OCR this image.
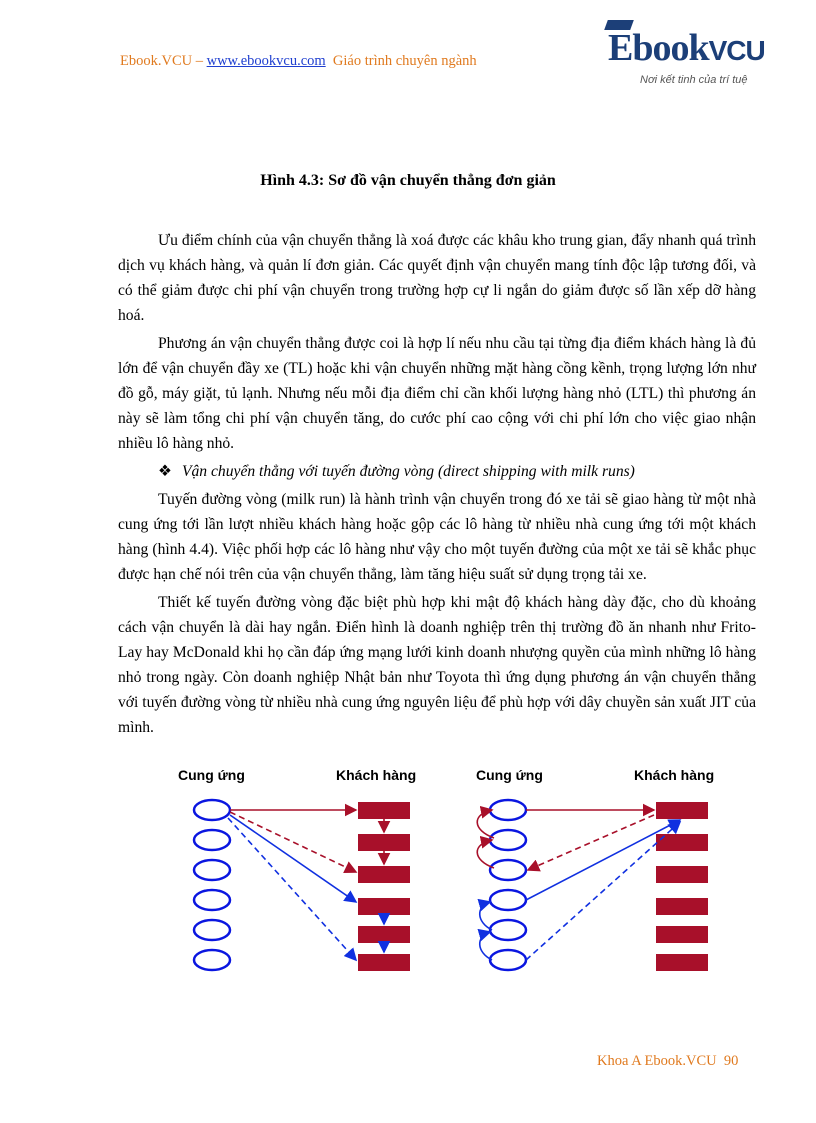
Ebook.VCU – www.ebookvcu.com Giáo trình chuyên ngành	EbookVCU
Nơi kết tinh của trí tuệ
Hình 4.3: Sơ đồ vận chuyển thẳng đơn giản

Ưu điểm chính của vận chuyển thẳng là xoá được các khâu kho trung gian, đẩy nhanh quá trình dịch vụ khách hàng, và quản lí đơn giản. Các quyết định vận chuyển mang tính độc lập tương đối, và có thể giảm được chi phí vận chuyển trong trường hợp cự li ngắn do giảm được số lần xếp dỡ hàng hoá.

Phương án vận chuyển thẳng được coi là hợp lí nếu nhu cầu tại từng địa điểm khách hàng là đủ lớn để vận chuyển đầy xe (TL) hoặc khi vận chuyển những mặt hàng cồng kềnh, trọng lượng lớn như đồ gỗ, máy giặt, tủ lạnh. Nhưng nếu mỗi địa điểm chỉ cần khối lượng hàng nhỏ (LTL) thì phương án này sẽ làm tổng chi phí vận chuyển tăng, do cước phí cao cộng với chi phí lớn cho việc giao nhận nhiều lô hàng nhỏ.

❖ Vận chuyển thẳng với tuyến đường vòng (direct shipping with milk runs)

Tuyến đường vòng (milk run) là hành trình vận chuyển trong đó xe tải sẽ giao hàng từ một nhà cung ứng tới lần lượt nhiều khách hàng hoặc gộp các lô hàng từ nhiều nhà cung ứng tới một khách hàng (hình 4.4). Việc phối hợp các lô hàng như vậy cho một tuyến đường của một xe tải sẽ khắc phục được hạn chế nói trên của vận chuyển thẳng, làm tăng hiệu suất sử dụng trọng tải xe.

Thiết kế tuyến đường vòng đặc biệt phù hợp khi mật độ khách hàng dày đặc, cho dù khoảng cách vận chuyển là dài hay ngắn. Điển hình là doanh nghiệp trên thị trường đồ ăn nhanh như Frito-Lay hay McDonald khi họ cần đáp ứng mạng lưới kinh doanh nhượng quyền của mình những lô hàng nhỏ trong ngày. Còn doanh nghiệp Nhật bản như Toyota thì ứng dụng phương án vận chuyển thẳng với tuyến đường vòng từ nhiều nhà cung ứng nguyên liệu để phù hợp với dây chuyền sản xuất JIT của mình.

Cung ứng	Khách hàng	Cung ứng	Khách hàng
Khoa A Ebook.VCU 90
